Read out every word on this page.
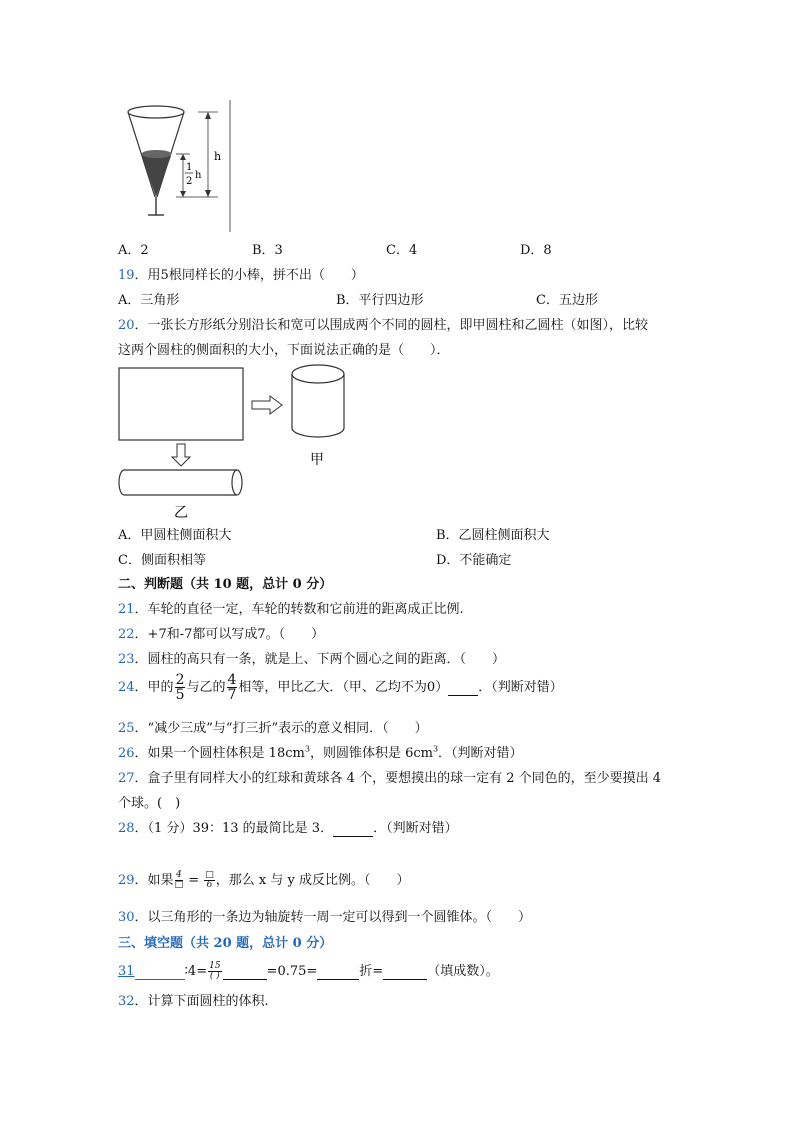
h
1
2
h
A．2	B．3	C．4	D．8
19．用5根同样长的小棒，拼不出（　　）
A．三角形	B．平行四边形	C．五边形
20．一张长方形纸分别沿长和宽可以围成两个不同的圆柱，即甲圆柱和乙圆柱（如图），比较
这两个圆柱的侧面积的大小，下面说法正确的是（　　）．
甲
乙
A．甲圆柱侧面积大	B．乙圆柱侧面积大
C．侧面积相等	D．不能确定
二、判断题（共 10 题，总计 0 分）
21．车轮的直径一定，车轮的转数和它前进的距离成正比例.
22．+7和-7都可以写成7。（　　）
23．圆柱的高只有一条，就是上、下两个圆心之间的距离．（　　）
24．甲的 $\frac{2}{5}$ 与乙的 $\frac{4}{7}$ 相等，甲比乙大．（甲、乙均不为0） ．（判断对错）
25．“减少三成”与“打三折”表示的意义相同．（　　）
26．如果一个圆柱体积是 $18cm^3$，则圆锥体积是 $6cm^3$．（判断对错）
27．盒子里有同样大小的红球和黄球各 4 个，要想摸出的球一定有 2 个同色的，至少要摸出 4
个球。(　)
28．（1 分）39：13 的最简比是 3．	．（判断对错）
29．如果 $\frac{4}{□} = \frac{□}{6}$ ，那么 x 与 y 成反比例。（　　）
30．以三角形的一条边为轴旋转一周一定可以得到一个圆锥体。（　　）
三、填空题（共 20 题，总计 0 分）
31	∶4= $\frac{15}{( )}$	=0.75=	折=	（填成数）。
32．计算下面圆柱的体积.
